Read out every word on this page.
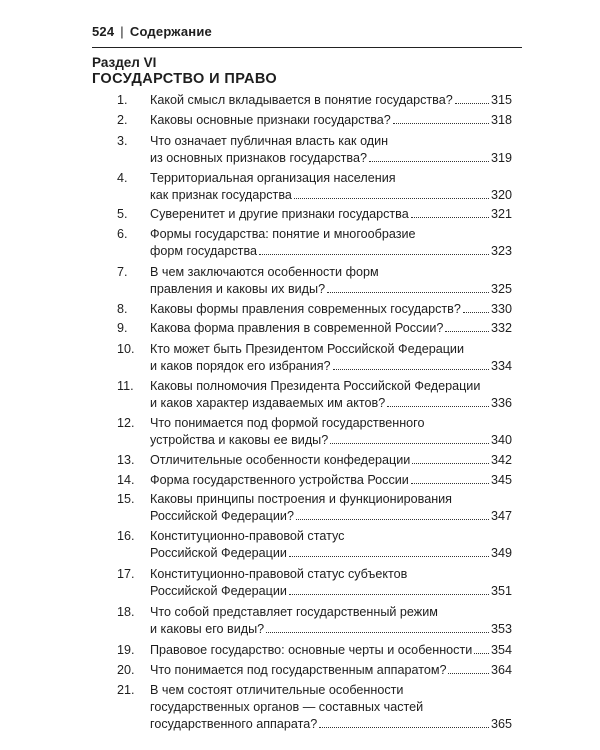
524 | Содержание
Раздел VI
ГОСУДАРСТВО И ПРАВО
1.	Какой смысл вкладывается в понятие государства?	315
2.	Каковы основные признаки государства?	318
3.	Что означает публичная власть как один
из основных признаков государства?	319
4.	Территориальная организация населения
как признак государства	320
5.	Суверенитет и другие признаки государства	321
6.	Формы государства: понятие и многообразие
форм государства	323
7.	В чем заключаются особенности форм
правления и каковы их виды?	325
8.	Каковы формы правления современных государств? 330
9.	Какова форма правления в современной России?	332
10.	Кто может быть Президентом Российской Федерации
и каков порядок его избрания?	334
11.	Каковы полномочия Президента Российской Федерации
и каков характер издаваемых им актов?	336
12.	Что понимается под формой государственного
устройства и каковы ее виды?	340
13.	Отличительные особенности конфедерации	342
14.	Форма государственного устройства России	345
15.	Каковы принципы построения и функционирования
Российской Федерации?	347
16.	Конституционно-правовой статус
Российской Федерации	349
17.	Конституционно-правовой статус субъектов
Российской Федерации	351
18.	Что собой представляет государственный режим
и каковы его виды?	353
19.	Правовое государство: основные черты и особенности 354
20.	Что понимается под государственным аппаратом?	364
21.	В чем состоят отличительные особенности
государственных органов — составных частей
государственного аппарата?	365
